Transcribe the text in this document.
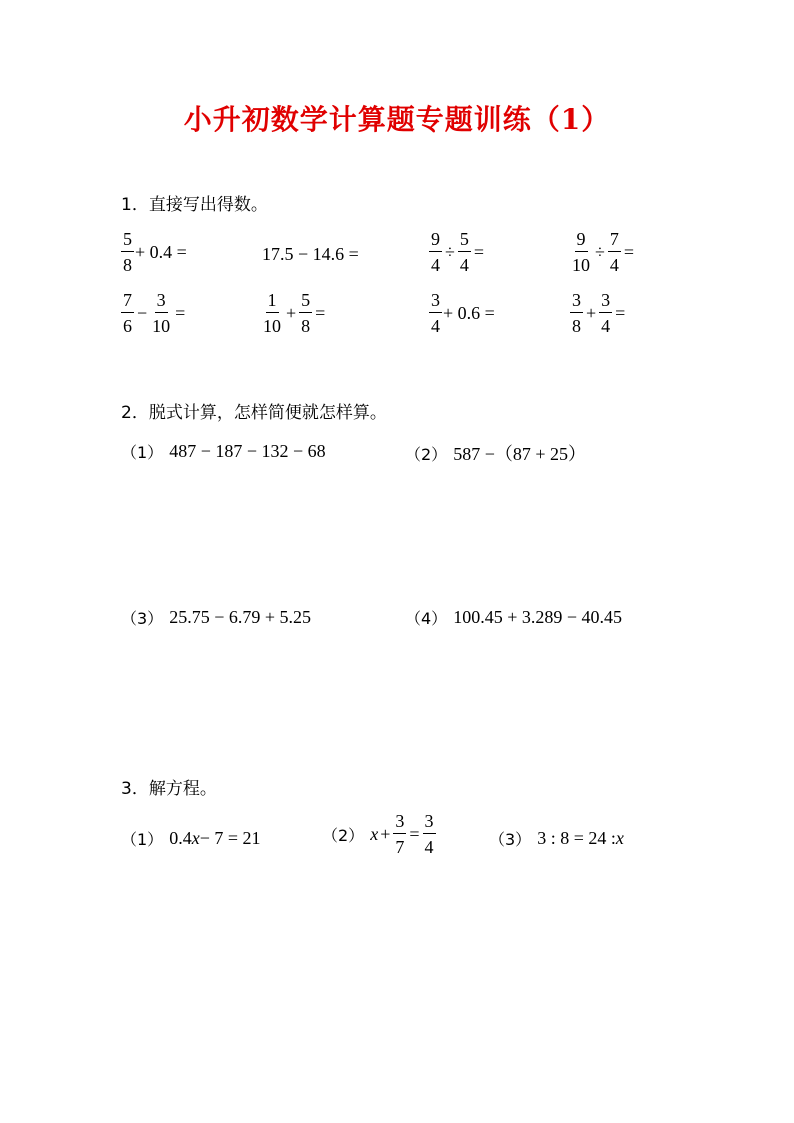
小升初数学计算题专题训练（1）
1．直接写出得数。
$\frac{5}{8} + 0.4$ =	17.5 − 14.6 =	$\frac{9}{4} \div \frac{5}{4}$ =	$\frac{9}{10} \div \frac{7}{4}$ =
$\frac{7}{6} - \frac{3}{10}$ =	$\frac{1}{10} + \frac{5}{8}$ =	$\frac{3}{4} + 0.6$ =	$\frac{3}{8} + \frac{3}{4}$ =
2．脱式计算，怎样简便就怎样算。
（1） 487 − 187 − 132 − 68	（2） 587 −（87 + 25）
（3） 25.75 − 6.79 + 5.25	（4） 100.45 + 3.289 − 40.45
3．解方程。
（1） 0.4 x − 7 = 21	（2） $x + \frac{3}{7} = \frac{3}{4}$	（3） 3 : 8 = 24 : x
